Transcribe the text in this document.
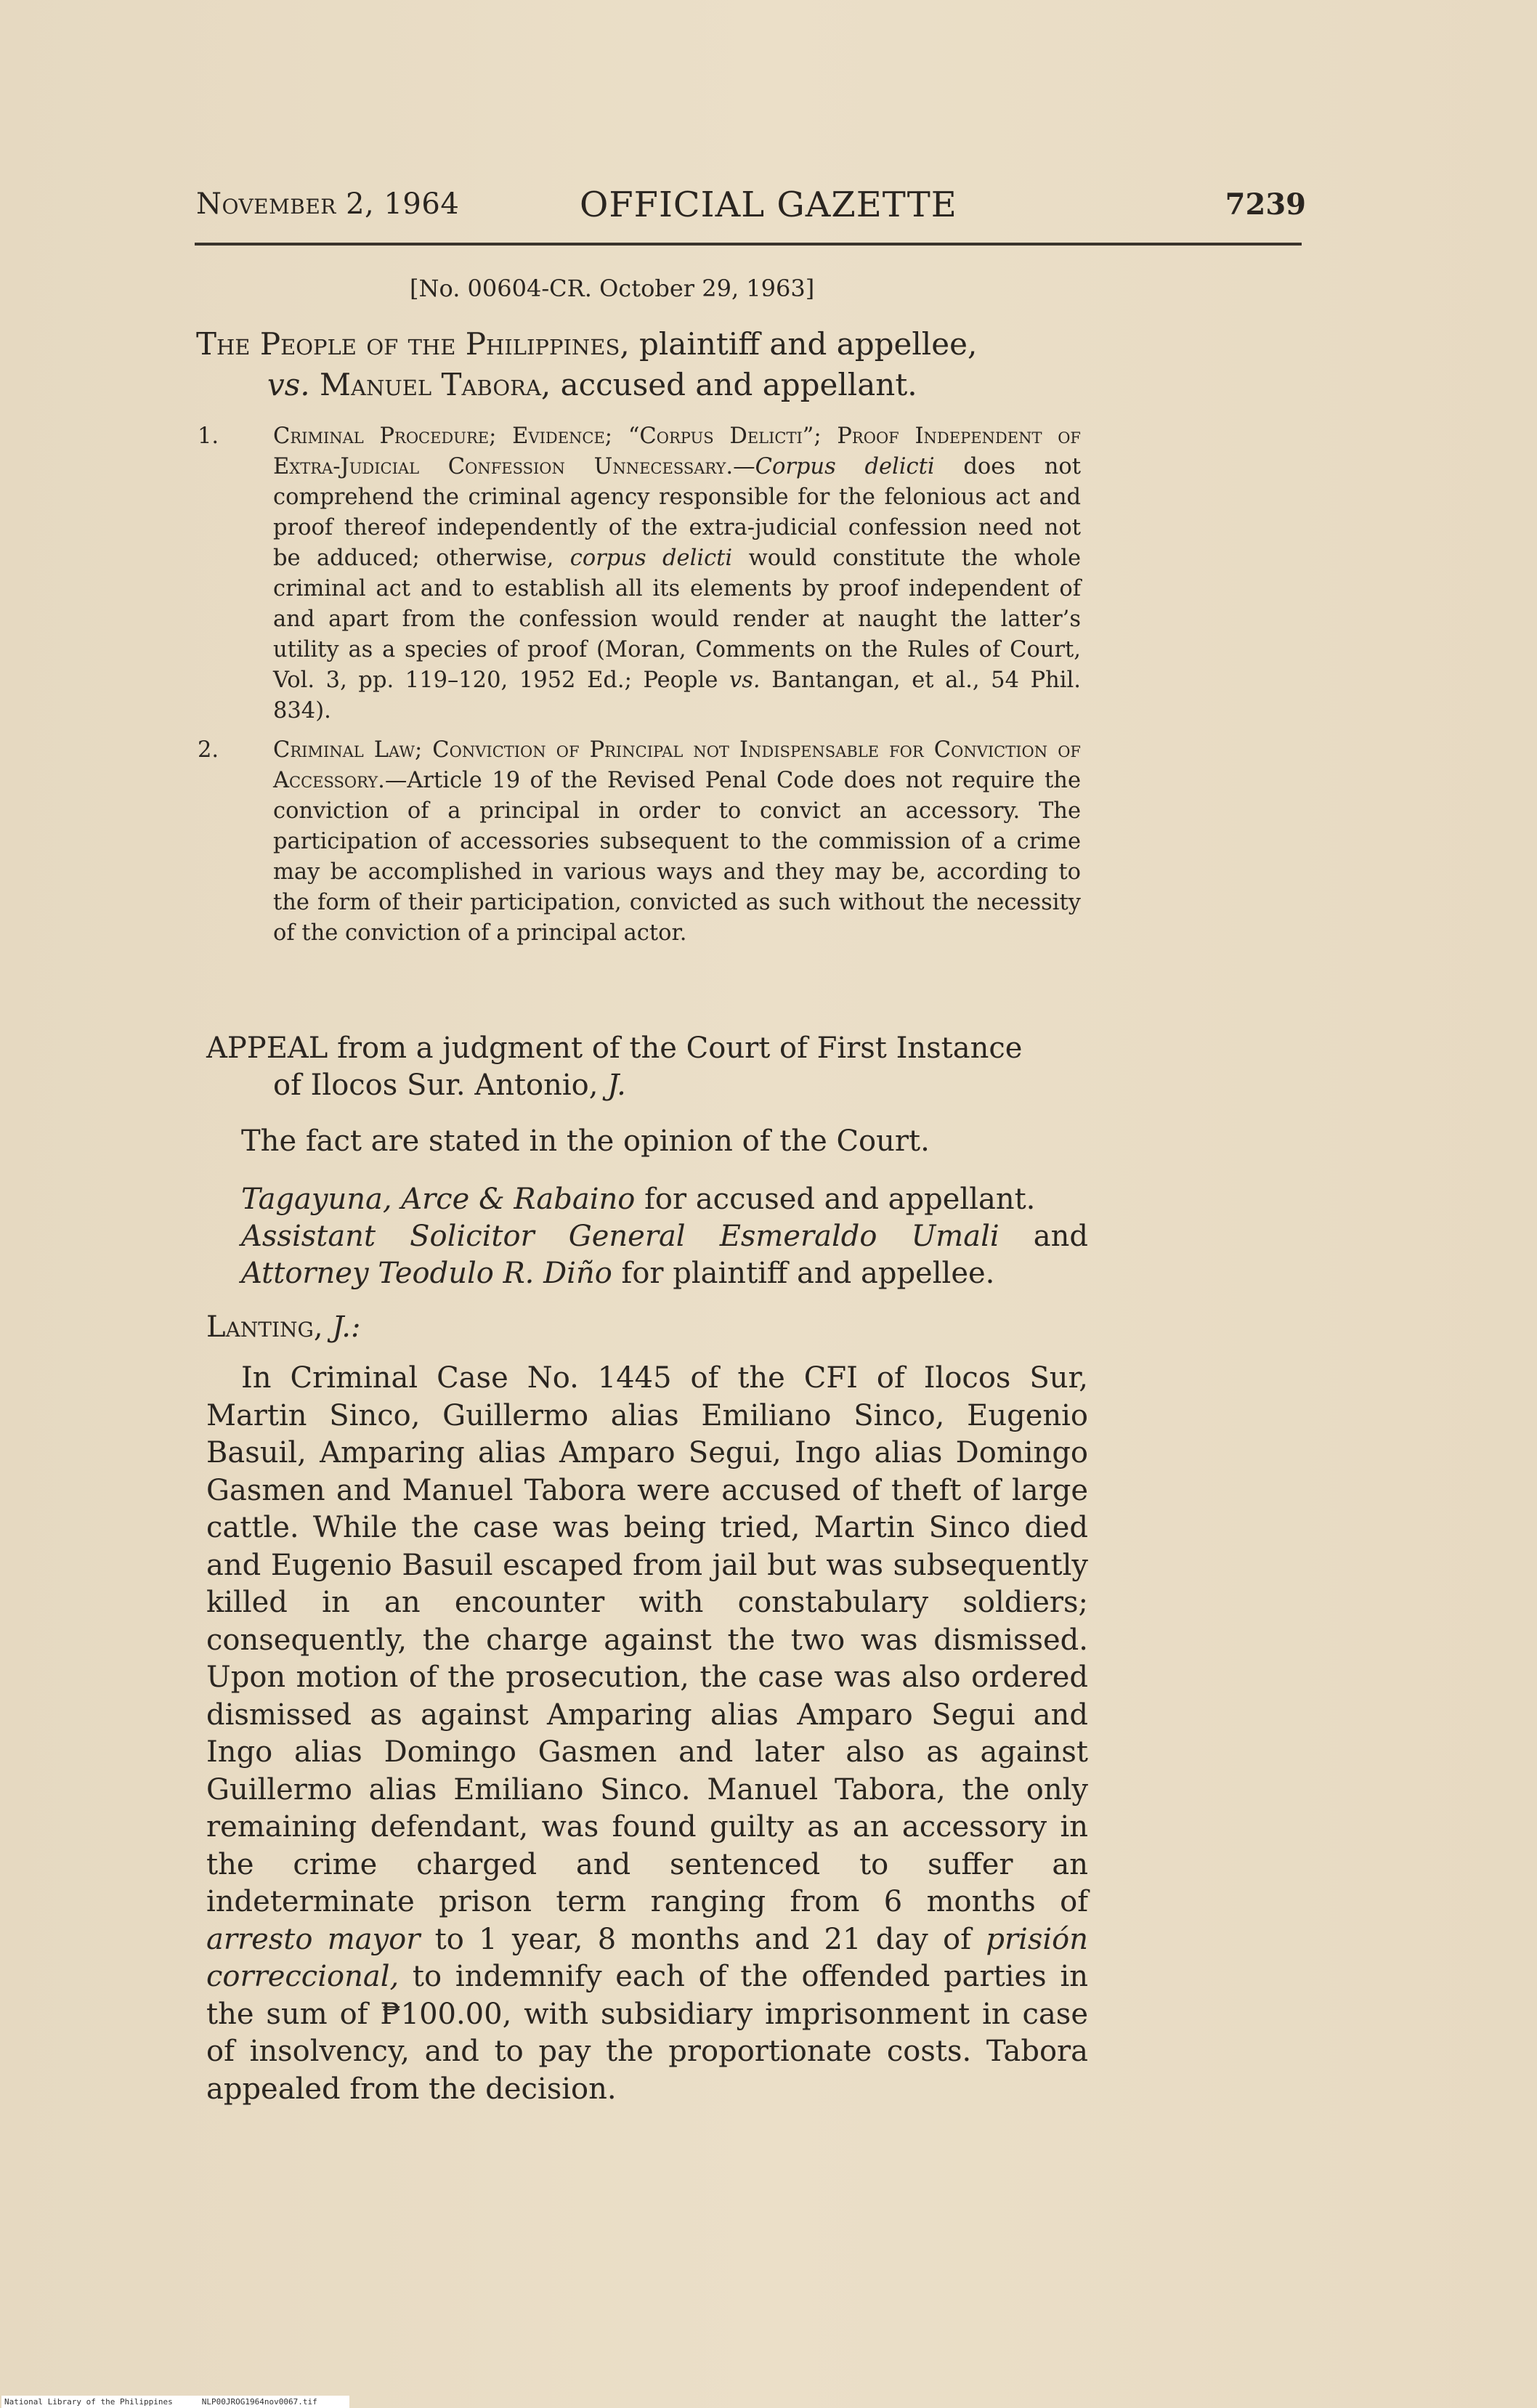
November 2, 1964	OFFICIAL GAZETTE	7239
[No. 00604-CR. October 29, 1963]
The People of the Philippines, plaintiff and appellee,
vs. Manuel Tabora, accused and appellant.
1. Criminal Procedure; Evidence; “Corpus Delicti”; Proof Independent of Extra-Judicial Confession Unnecessary.—Corpus delicti does not comprehend the criminal agency responsible for the felonious act and proof thereof independently of the extra-judicial confession need not be adduced; otherwise, corpus delicti would constitute the whole criminal act and to establish all its elements by proof independent of and apart from the confession would render at naught the latter’s utility as a species of proof (Moran, Comments on the Rules of Court, Vol. 3, pp. 119–120, 1952 Ed.; People vs. Bantangan, et al., 54 Phil. 834).
2. Criminal Law; Conviction of Principal not Indispensable for Conviction of Accessory.—Article 19 of the Revised Penal Code does not require the conviction of a principal in order to convict an accessory. The participation of accessories subsequent to the commission of a crime may be accomplished in various ways and they may be, according to the form of their participation, convicted as such without the necessity of the conviction of a principal actor.
APPEAL from a judgment of the Court of First Instance
of Ilocos Sur. Antonio, J.
The fact are stated in the opinion of the Court.
Tagayuna, Arce & Rabaino for accused and appellant.
Assistant Solicitor General Esmeraldo Umali and Attorney Teodulo R. Diño for plaintiff and appellee.
Lanting, J.:
In Criminal Case No. 1445 of the CFI of Ilocos Sur, Martin Sinco, Guillermo alias Emiliano Sinco, Eugenio Basuil, Amparing alias Amparo Segui, Ingo alias Domingo Gasmen and Manuel Tabora were accused of theft of large cattle. While the case was being tried, Martin Sinco died and Eugenio Basuil escaped from jail but was subsequently killed in an encounter with constabulary soldiers; consequently, the charge against the two was dismissed. Upon motion of the prosecution, the case was also ordered dismissed as against Amparing alias Amparo Segui and Ingo alias Domingo Gasmen and later also as against Guillermo alias Emiliano Sinco. Manuel Tabora, the only remaining defendant, was found guilty as an accessory in the crime charged and sentenced to suffer an indeterminate prison term ranging from 6 months of arresto mayor to 1 year, 8 months and 21 day of prisión correccional, to indemnify each of the offended parties in the sum of ₱100.00, with subsidiary imprisonment in case of insolvency, and to pay the proportionate costs. Tabora appealed from the decision.
National Library of the Philippines	NLP00JROG1964nov0067.tif
